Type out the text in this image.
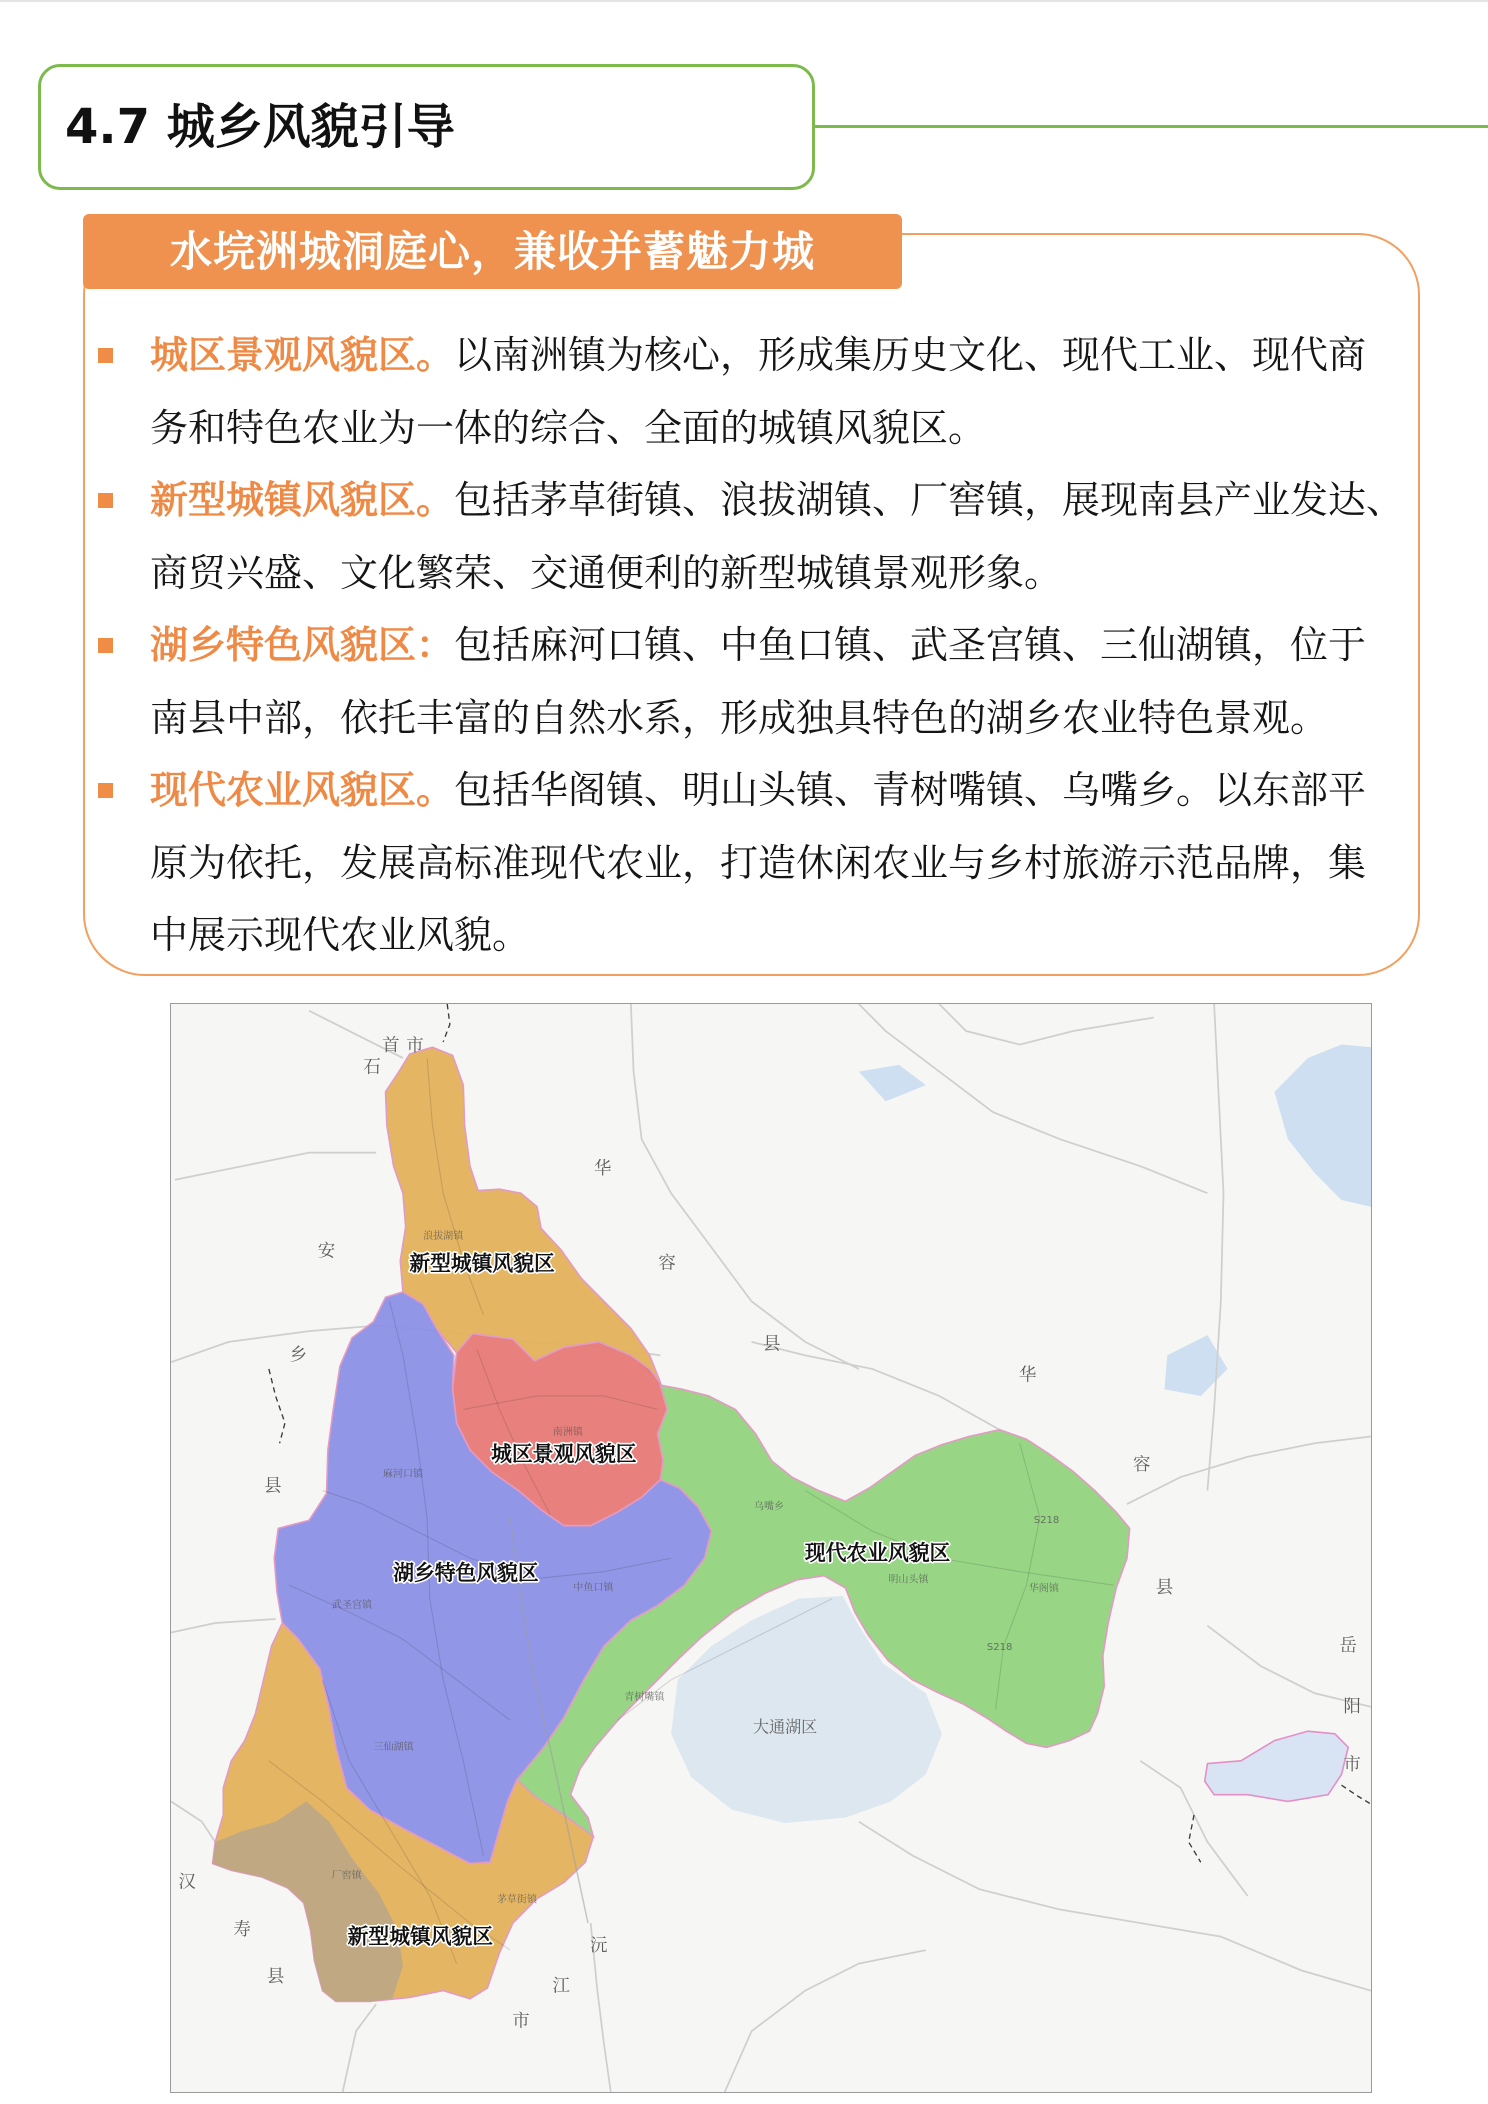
4.7 城乡风貌引导
水垸洲城洞庭心，兼收并蓄魅力城
城区景观风貌区。以南洲镇为核心，形成集历史文化、现代工业、现代商
务和特色农业为一体的综合、全面的城镇风貌区。
新型城镇风貌区。包括茅草街镇、浪拔湖镇、厂窖镇，展现南县产业发达、
商贸兴盛、文化繁荣、交通便利的新型城镇景观形象。
湖乡特色风貌区：包括麻河口镇、中鱼口镇、武圣宫镇、三仙湖镇，位于
南县中部，依托丰富的自然水系，形成独具特色的湖乡农业特色景观。
现代农业风貌区。包括华阁镇、明山头镇、青树嘴镇、乌嘴乡。以东部平
原为依托，发展高标准现代农业，打造休闲农业与乡村旅游示范品牌，集
中展示现代农业风貌。
大通湖区
浪拔湖镇
南洲镇
麻河口镇
武圣宫镇
中鱼口镇
三仙湖镇
乌嘴乡
明山头镇
华阁镇
青树嘴镇
厂窖镇
茅草街镇
S218
S218
石
首 市
华
容
县
安
乡
县
华
容
县
岳
阳
市
汉
寿
县
沅
江
市
新型城镇风貌区
城区景观风貌区
湖乡特色风貌区
现代农业风貌区
新型城镇风貌区
